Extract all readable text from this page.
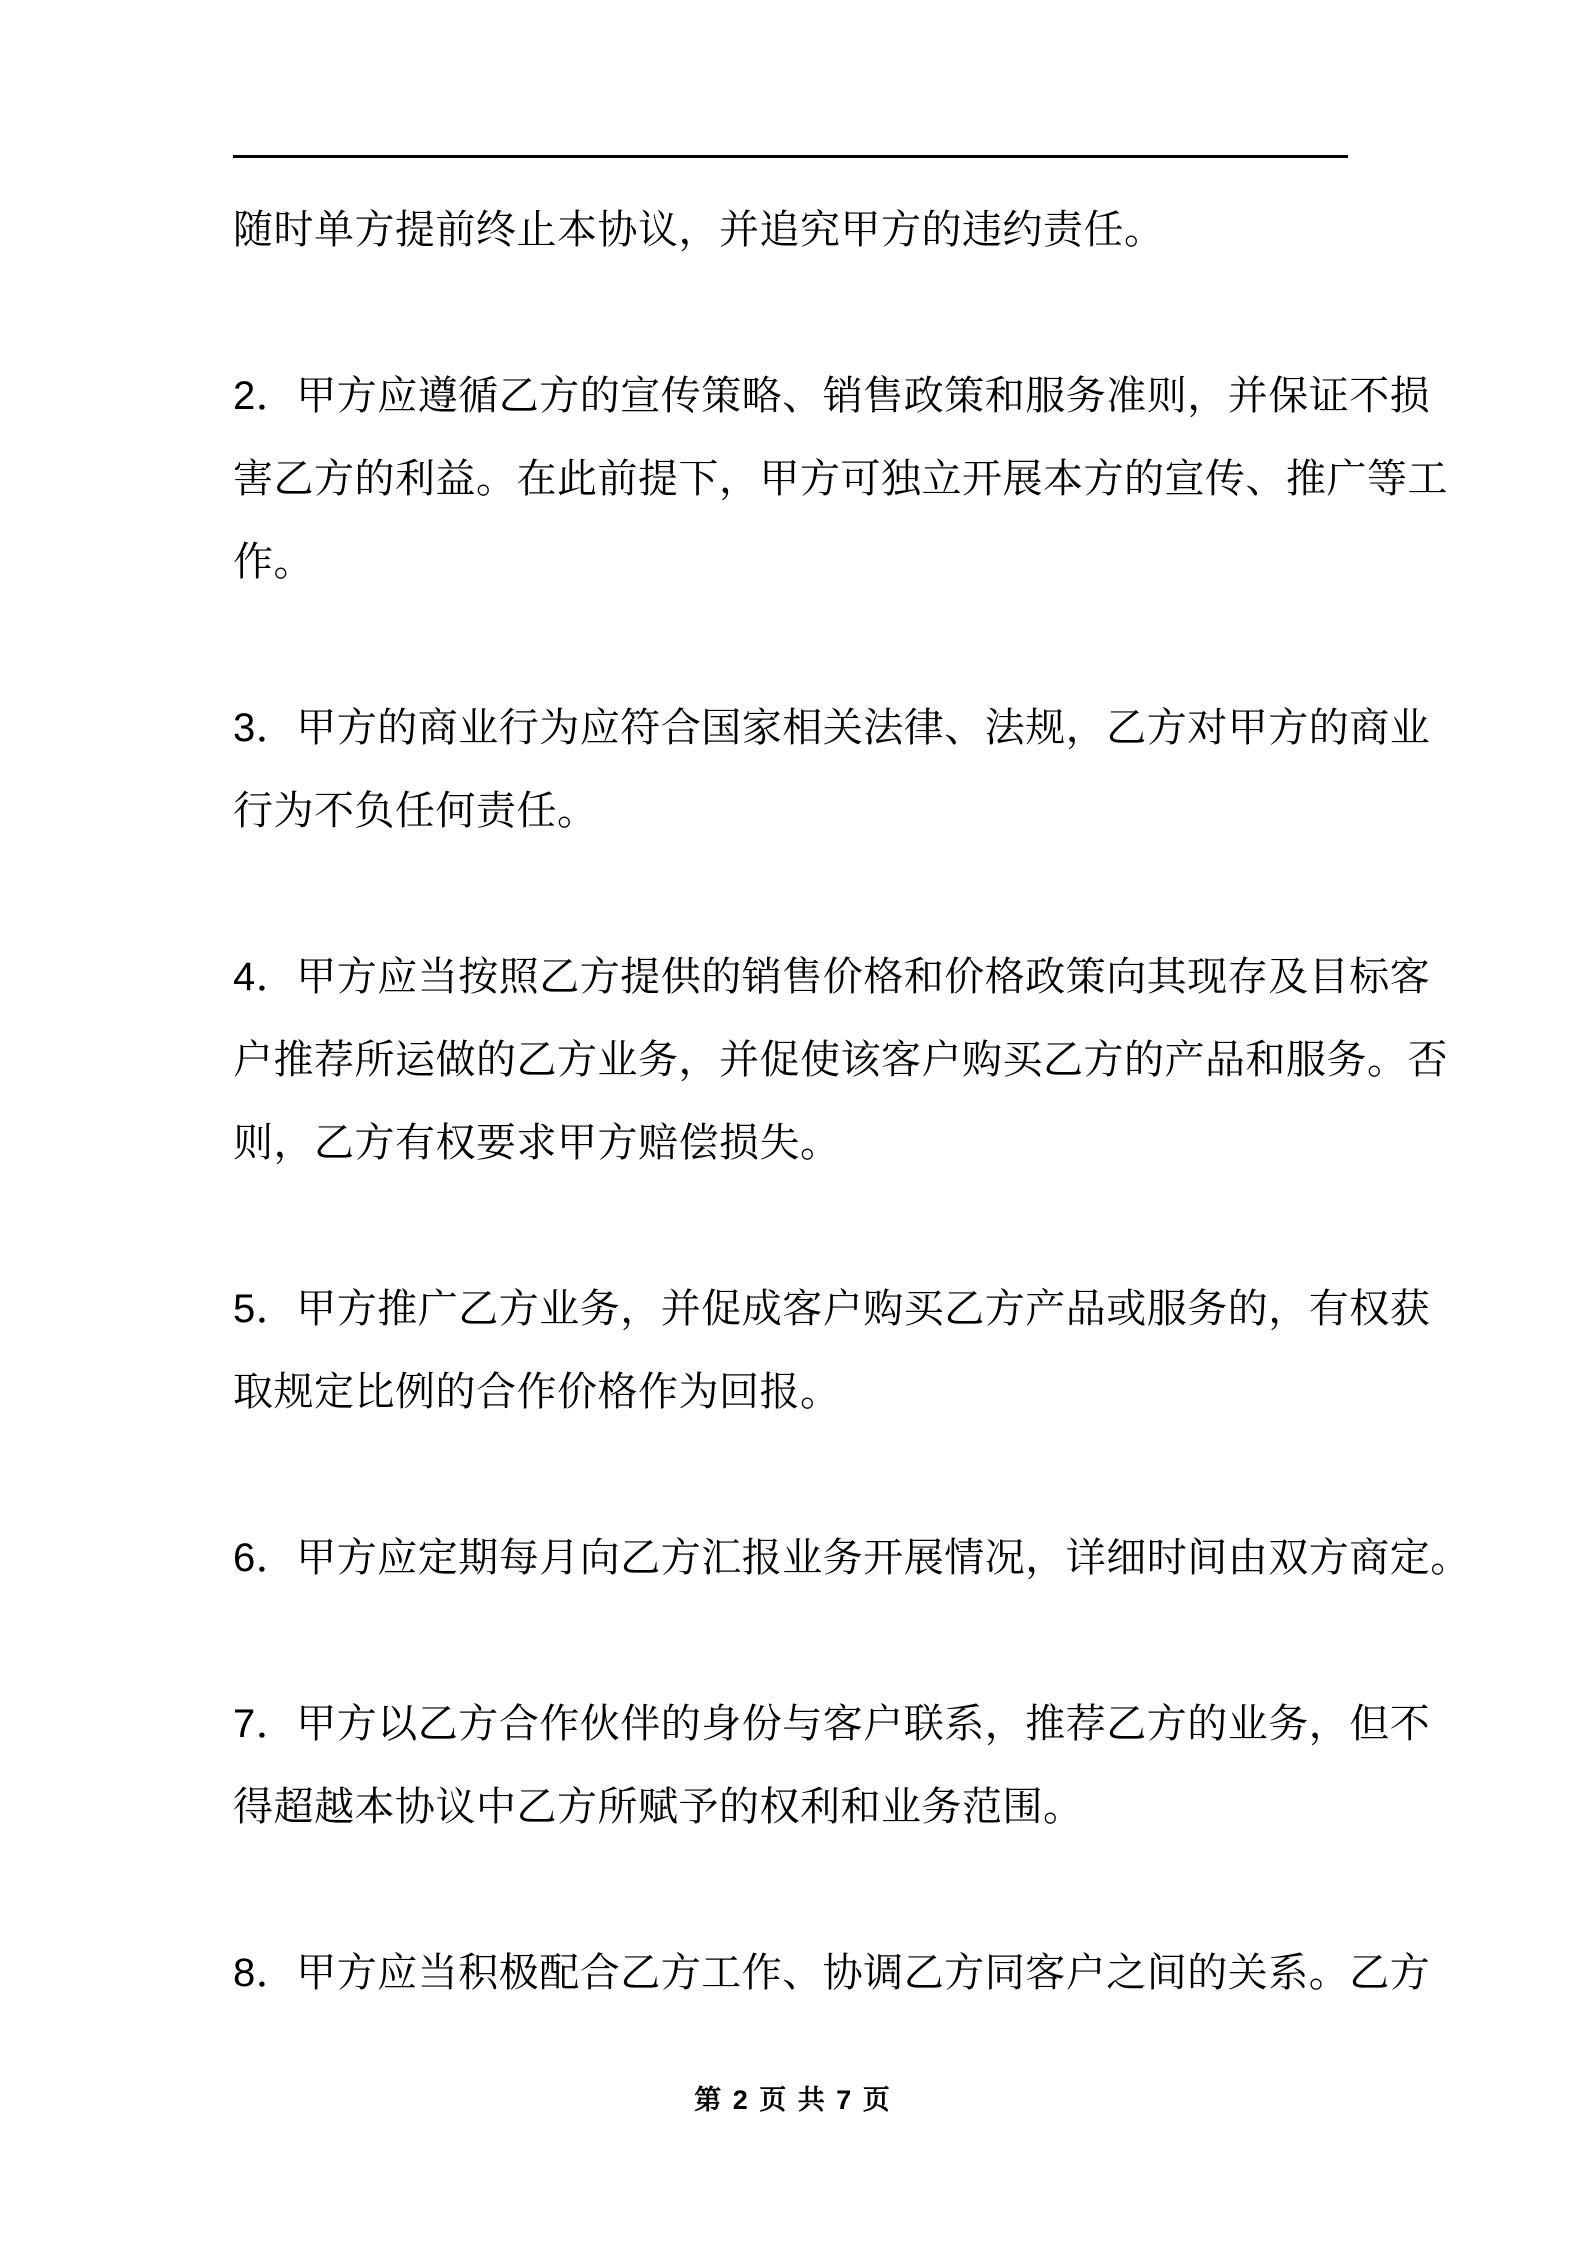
随时单方提前终止本协议，并追究甲方的违约责任。
2．甲方应遵循乙方的宣传策略、销售政策和服务准则，并保证不损
害乙方的利益。在此前提下，甲方可独立开展本方的宣传、推广等工
作。
3．甲方的商业行为应符合国家相关法律、法规，乙方对甲方的商业
行为不负任何责任。
4．甲方应当按照乙方提供的销售价格和价格政策向其现存及目标客
户推荐所运做的乙方业务，并促使该客户购买乙方的产品和服务。否
则，乙方有权要求甲方赔偿损失。
5．甲方推广乙方业务，并促成客户购买乙方产品或服务的，有权获
取规定比例的合作价格作为回报。
6．甲方应定期每月向乙方汇报业务开展情况，详细时间由双方商定。
7．甲方以乙方合作伙伴的身份与客户联系，推荐乙方的业务，但不
得超越本协议中乙方所赋予的权利和业务范围。
8．甲方应当积极配合乙方工作、协调乙方同客户之间的关系。乙方
第 2 页 共 7 页
